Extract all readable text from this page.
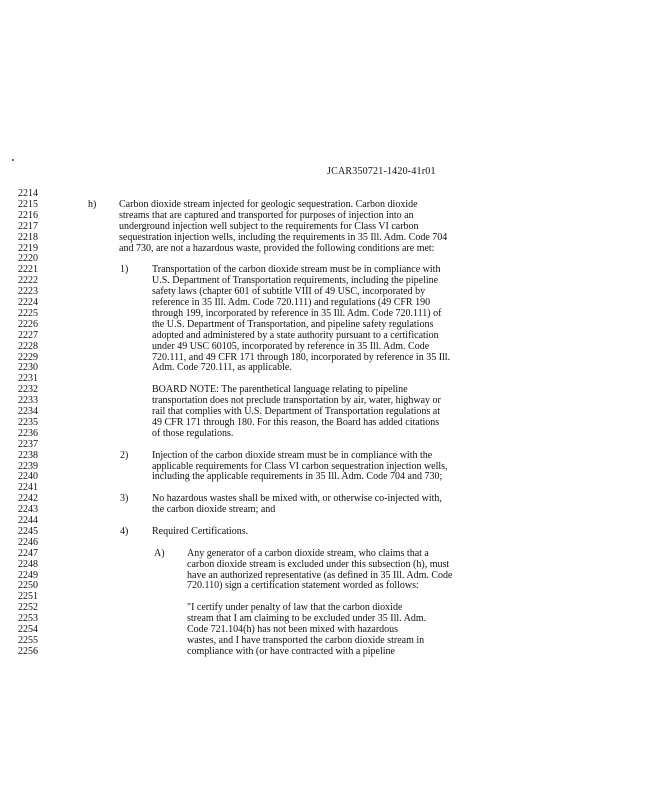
JCAR350721-1420-41r01
2214
2215	h) Carbon dioxide stream injected for geologic sequestration. Carbon dioxide
2216	streams that are captured and transported for purposes of injection into an
2217	underground injection well subject to the requirements for Class VI carbon
2218	sequestration injection wells, including the requirements in 35 Ill. Adm. Code 704
2219	and 730, are not a hazardous waste, provided the following conditions are met:
2220
2221	1) Transportation of the carbon dioxide stream must be in compliance with
2222	U.S. Department of Transportation requirements, including the pipeline
2223	safety laws (chapter 601 of subtitle VIII of 49 USC, incorporated by
2224	reference in 35 Ill. Adm. Code 720.111) and regulations (49 CFR 190
2225	through 199, incorporated by reference in 35 Ill. Adm. Code 720.111) of
2226	the U.S. Department of Transportation, and pipeline safety regulations
2227	adopted and administered by a state authority pursuant to a certification
2228	under 49 USC 60105, incorporated by reference in 35 Ill. Adm. Code
2229	720.111, and 49 CFR 171 through 180, incorporated by reference in 35 Ill.
2230	Adm. Code 720.111, as applicable.
2231
2232	BOARD NOTE: The parenthetical language relating to pipeline
2233	transportation does not preclude transportation by air, water, highway or
2234	rail that complies with U.S. Department of Transportation regulations at
2235	49 CFR 171 through 180. For this reason, the Board has added citations
2236	of those regulations.
2237
2238	2) Injection of the carbon dioxide stream must be in compliance with the
2239	applicable requirements for Class VI carbon sequestration injection wells,
2240	including the applicable requirements in 35 Ill. Adm. Code 704 and 730;
2241
2242	3) No hazardous wastes shall be mixed with, or otherwise co-injected with,
2243	the carbon dioxide stream; and
2244
2245	4) Required Certifications.
2246
2247	A) Any generator of a carbon dioxide stream, who claims that a
2248	carbon dioxide stream is excluded under this subsection (h), must
2249	have an authorized representative (as defined in 35 Ill. Adm. Code
2250	720.110) sign a certification statement worded as follows:
2251
2252	"I certify under penalty of law that the carbon dioxide
2253	stream that I am claiming to be excluded under 35 Ill. Adm.
2254	Code 721.104(h) has not been mixed with hazardous
2255	wastes, and I have transported the carbon dioxide stream in
2256	compliance with (or have contracted with a pipeline
